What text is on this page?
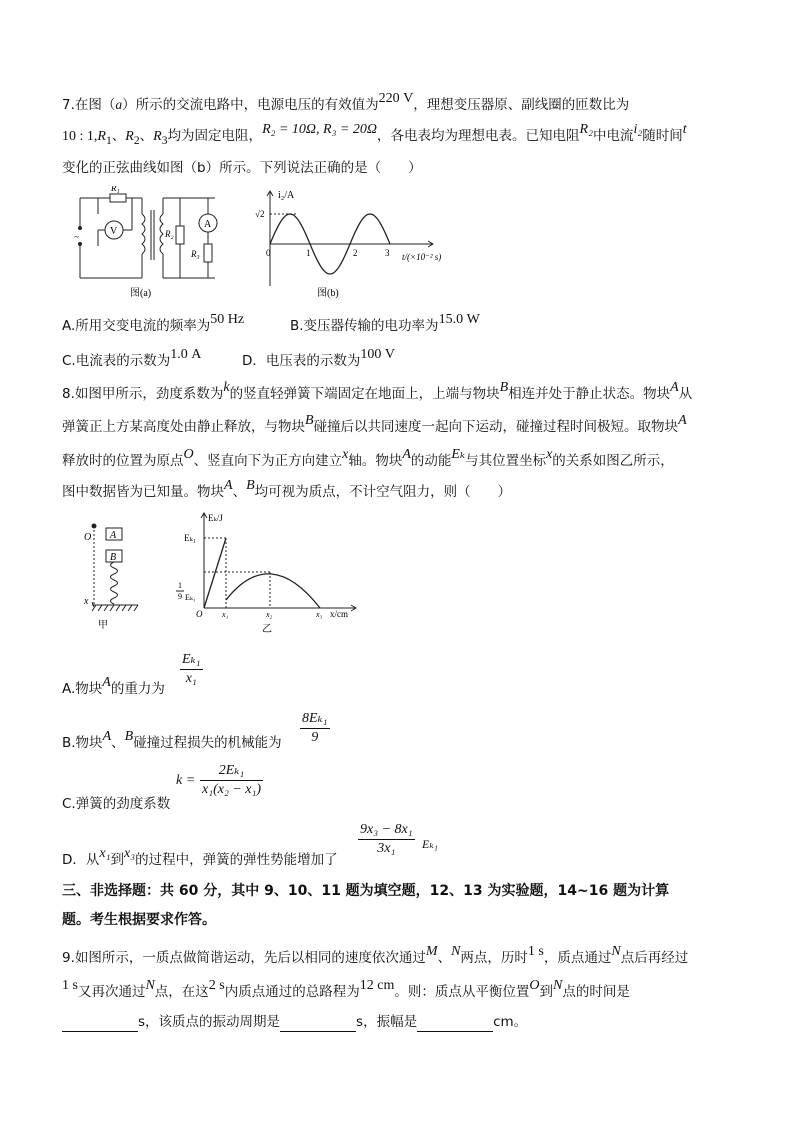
7.在图（a）所示的交流电路中，电源电压的有效值为220 V，理想变压器原、副线圈的匝数比为
10 : $1,R_1$、$R_2$、$R_3$均为固定电阻，R₂ = 10Ω, R₃ = 20Ω，各电表均为理想电表。已知电阻R₂中电流i₂随时间t
变化的正弦曲线如图（b）所示。下列说法正确的是（　　）
~
R₁
V	R₂
A
R₃
图(a)
i₂/A
√2
0	1	2	3 t/(×10⁻² s)
图(b)
A.所用交变电流的频率为50 Hz	B.变压器传输的电功率为15.0 W
C.电流表的示数为1.0 A	D．电压表的示数为100 V
8.如图甲所示，劲度系数为k的竖直轻弹簧下端固定在地面上，上端与物块B相连并处于静止状态。物块A从
弹簧正上方某高度处由静止释放，与物块B碰撞后以共同速度一起向下运动，碰撞过程时间极短。取物块A
释放时的位置为原点O、竖直向下为正方向建立x轴。物块A的动能Eₖ与其位置坐标x的关系如图乙所示，
图中数据皆为已知量。物块A、B均可视为质点，不计空气阻力，则（　　）
O A
B
x
甲
Eₖ/J
Eₖ₁
1
9 Eₖ₁
O x₁	x₂	x₃ x/cm
乙
A.物块A的重力为
Eₖ₁
x₁
B.物块A、B碰撞过程损失的机械能为
8Eₖ₁
9
C.弹簧的劲度系数
k =
2Eₖ₁
x₁(x₂ − x₁)
D．从x₁到x₃的过程中，弹簧的弹性势能增加了
9x₃ − 8x₁
3x₁	Eₖ₁
三、非选择题：共 60 分，其中 9、10、11 题为填空题，12、13 为实验题，14~16 题为计算
题。考生根据要求作答。
9.如图所示，一质点做简谐运动，先后以相同的速度依次通过M、N两点，历时1 s，质点通过N点后再经过
1 s又再次通过N点，在这2 s内质点通过的总路程为12 cm。则：质点从平衡位置O到N点的时间是
s，该质点的振动周期是	s，振幅是	cm。
